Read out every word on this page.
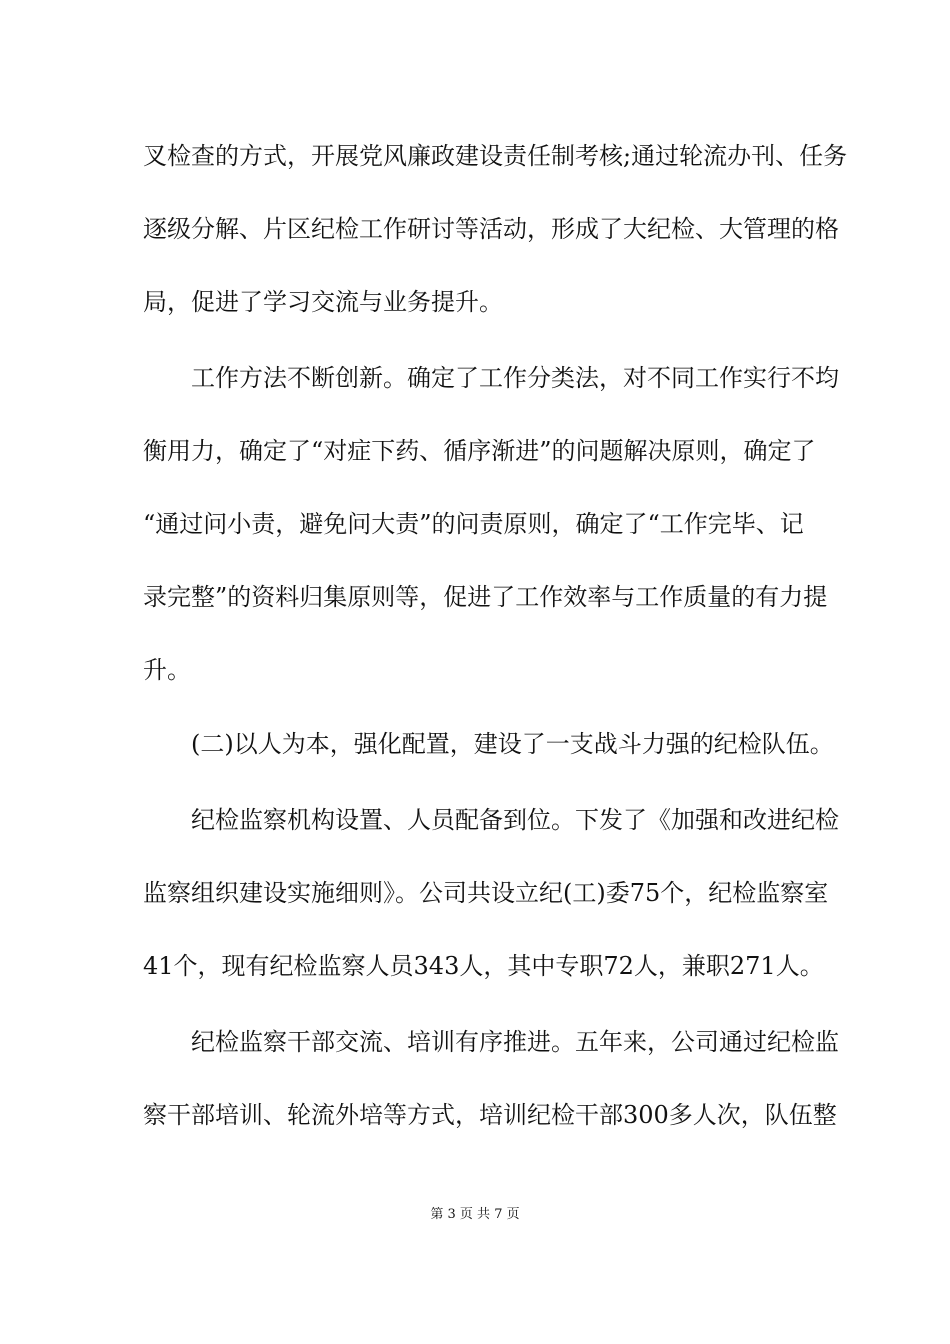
叉检查的方式，开展党风廉政建设责任制考核;通过轮流办刊、任务
逐级分解、片区纪检工作研讨等活动，形成了大纪检、大管理的格
局，促进了学习交流与业务提升。
工作方法不断创新。确定了工作分类法，对不同工作实行不均
衡用力，确定了“对症下药、循序渐进”的问题解决原则，确定了
“通过问小责，避免问大责”的问责原则，确定了“工作完毕、记
录完整”的资料归集原则等，促进了工作效率与工作质量的有力提
升。
(二)以人为本，强化配置，建设了一支战斗力强的纪检队伍。
纪检监察机构设置、人员配备到位。下发了《加强和改进纪检
监察组织建设实施细则》。公司共设立纪(工)委75个，纪检监察室
41个，现有纪检监察人员343人，其中专职72人，兼职271人。
纪检监察干部交流、培训有序推进。五年来，公司通过纪检监
察干部培训、轮流外培等方式，培训纪检干部300多人次，队伍整
第 3 页 共 7 页
